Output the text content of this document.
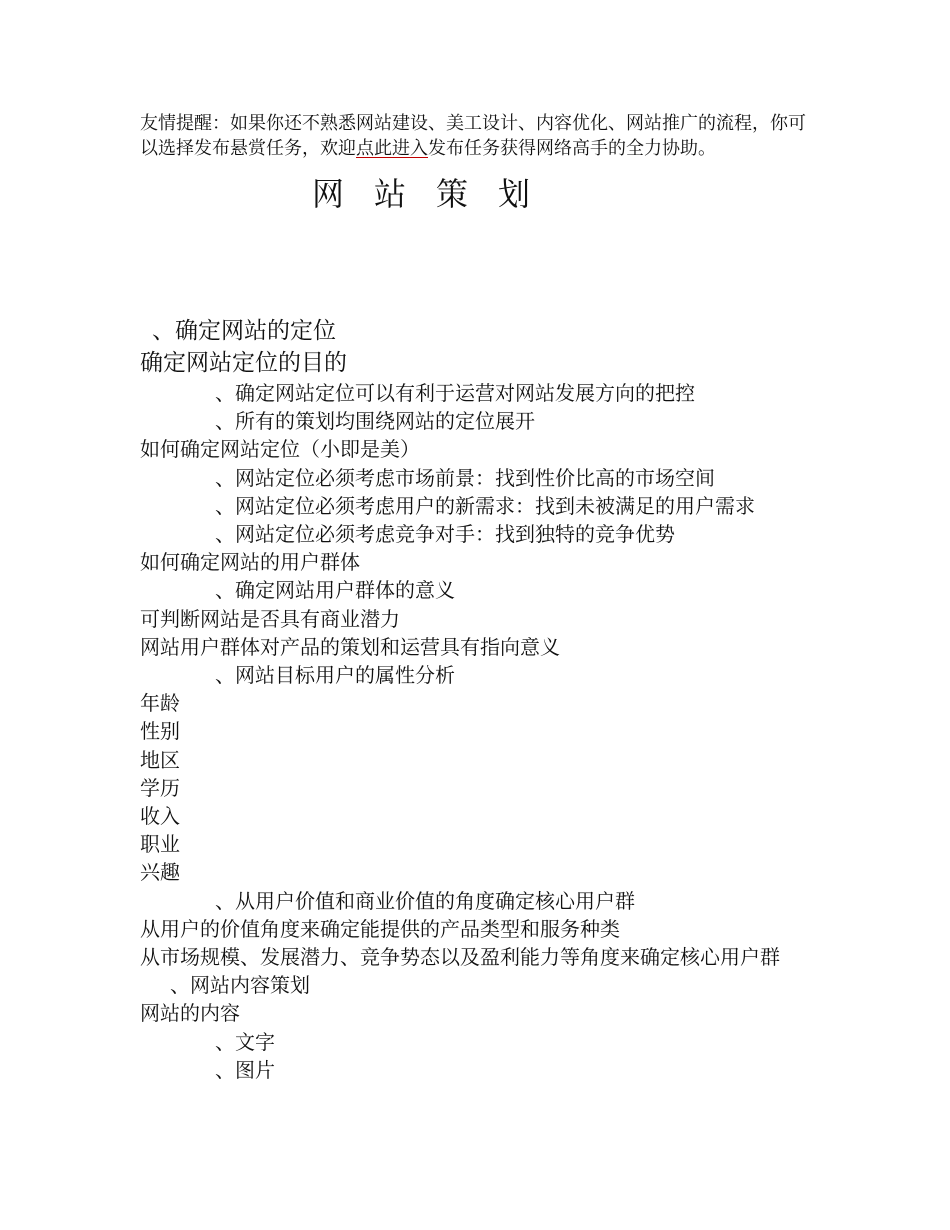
友情提醒：如果你还不熟悉网站建设、美工设计、内容优化、网站推广的流程，你可以选择发布悬赏任务，欢迎点此进入发布任务获得网络高手的全力协助。
网站策划
、确定网站的定位
确定网站定位的目的
、确定网站定位可以有利于运营对网站发展方向的把控
、所有的策划均围绕网站的定位展开
如何确定网站定位（小即是美）
、网站定位必须考虑市场前景：找到性价比高的市场空间
、网站定位必须考虑用户的新需求：找到未被满足的用户需求
、网站定位必须考虑竞争对手：找到独特的竞争优势
如何确定网站的用户群体
、确定网站用户群体的意义
可判断网站是否具有商业潜力
网站用户群体对产品的策划和运营具有指向意义
、网站目标用户的属性分析
年龄
性别
地区
学历
收入
职业
兴趣
、从用户价值和商业价值的角度确定核心用户群
从用户的价值角度来确定能提供的产品类型和服务种类
从市场规模、发展潜力、竞争势态以及盈利能力等角度来确定核心用户群
、网站内容策划
网站的内容
、文字
、图片
